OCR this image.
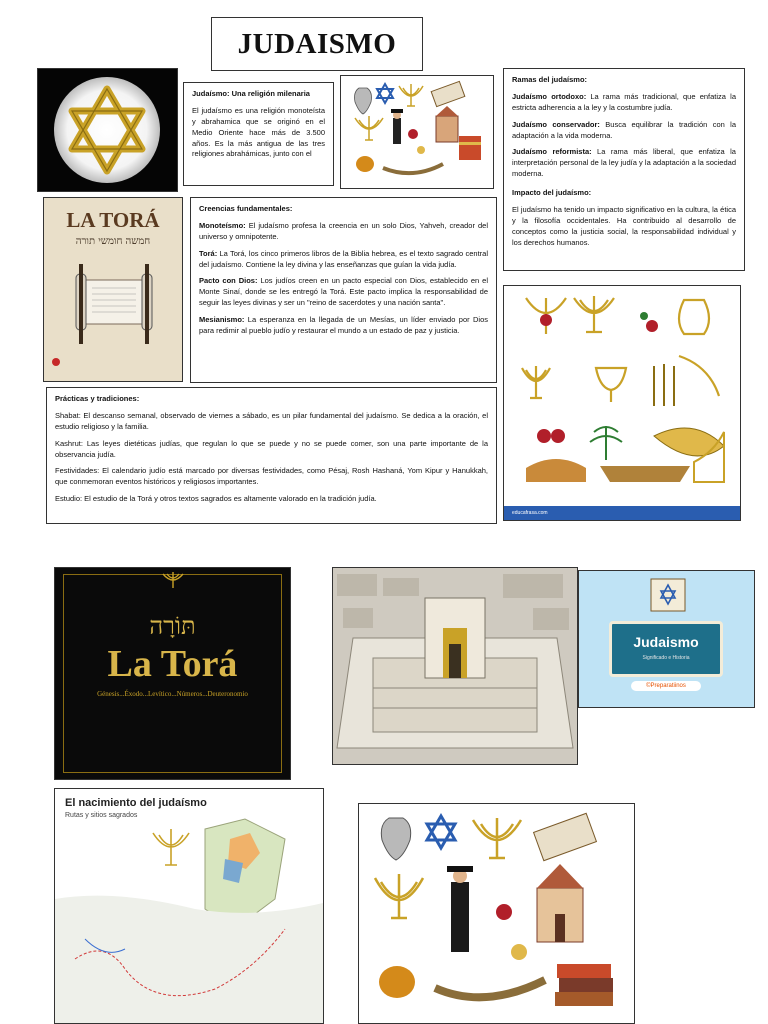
JUDAISMO
Judaísmo: Una religión milenaria

El judaísmo es una religión monoteísta y abrahamica que se originó en el Medio Oriente hace más de 3.500 años. Es la más antigua de las tres religiones abrahámicas, junto con el

Ramas del judaísmo:

Judaísmo ortodoxo: La rama más tradicional, que enfatiza la estricta adherencia a la ley y la costumbre judía.

Judaísmo conservador: Busca equilibrar la tradición con la adaptación a la vida moderna.

Judaísmo reformista: La rama más liberal, que enfatiza la interpretación personal de la ley judía y la adaptación a la sociedad moderna.

Impacto del judaísmo:

El judaísmo ha tenido un impacto significativo en la cultura, la ética y la filosofía occidentales. Ha contribuido al desarrollo de conceptos como la justicia social, la responsabilidad individual y los derechos humanos.

LA TORÁ
חמשה חומשי תורה
Creencias fundamentales:

Monoteísmo: El judaísmo profesa la creencia en un solo Dios, Yahveh, creador del universo y omnipotente.

Torá: La Torá, los cinco primeros libros de la Biblia hebrea, es el texto sagrado central del judaísmo. Contiene la ley divina y las enseñanzas que guían la vida judía.

Pacto con Dios: Los judíos creen en un pacto especial con Dios, establecido en el Monte Sinaí, donde se les entregó la Torá. Este pacto implica la responsabilidad de seguir las leyes divinas y ser un "reino de sacerdotes y una nación santa".

Mesianismo: La esperanza en la llegada de un Mesías, un líder enviado por Dios para redimir al pueblo judío y restaurar el mundo a un estado de paz y justicia.

Prácticas y tradiciones:

Shabat: El descanso semanal, observado de viernes a sábado, es un pilar fundamental del judaísmo. Se dedica a la oración, el estudio religioso y la familia.

Kashrut: Las leyes dietéticas judías, que regulan lo que se puede y no se puede comer, son una parte importante de la observancia judía.

Festividades: El calendario judío está marcado por diversas festividades, como Pésaj, Rosh Hashaná, Yom Kipur y Hanukkah, que conmemoran eventos históricos y religiosos importantes.

Estudio: El estudio de la Torá y otros textos sagrados es altamente valorado en la tradición judía.

educafrasa.com
תּוֹרָה
La Torá
Génesis...Éxodo...Levítico...Números...Deuteronomio
Judaismo
Significado e Historia
©Preparatiinos
El nacimiento del judaísmo
Rutas y sitios sagrados
